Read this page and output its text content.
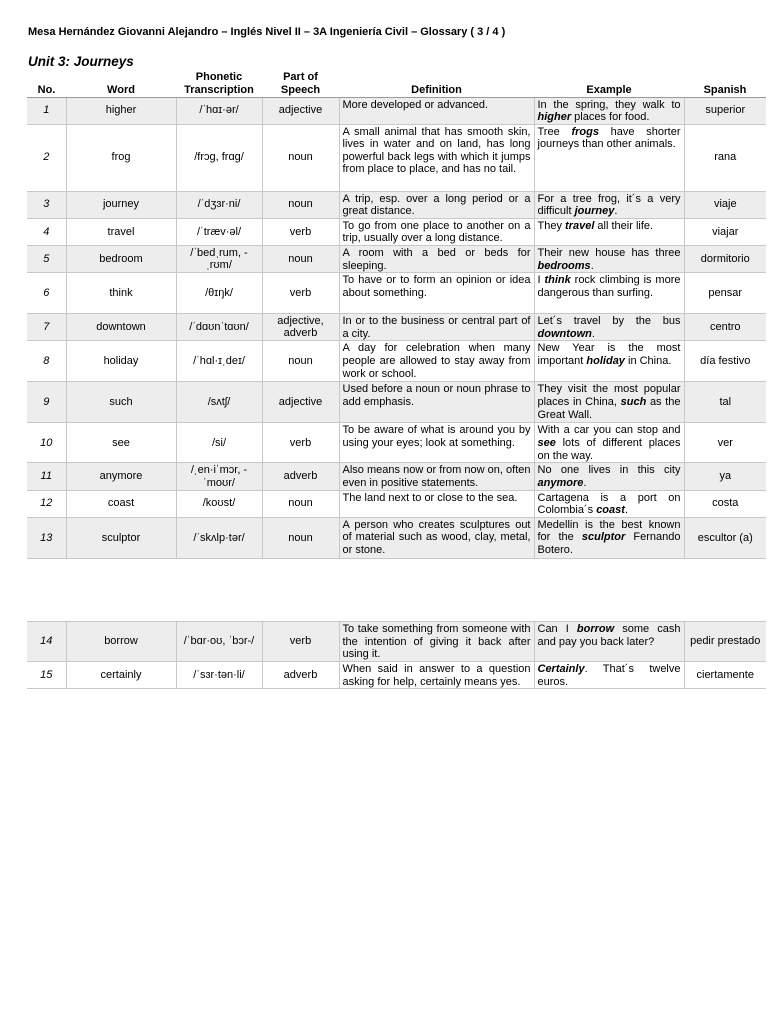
Mesa Hernández Giovanni Alejandro – Inglés Nivel II – 3A Ingeniería Civil – Glossary ( 3 / 4 )
Unit 3: Journeys
No.	Word	Phonetic Transcription	Part of Speech	Definition	Example	Spanish
1	higher	/ˈhɑɪ·ər/	adjective	More developed or advanced.	In the spring, they walk to higher places for food.	superior
2	frog	/frɔg, frɑg/	noun	A small animal that has smooth skin, lives in water and on land, has long powerful back legs with which it jumps from place to place, and has no tail.	Tree frogs have shorter journeys than other animals.	rana
3	journey	/ˈdʒɜr·ni/	noun	A trip, esp. over a long period or a great distance.	For a tree frog, it´s a very difficult journey.	viaje
4	travel	/ˈtræv·əl/	verb	To go from one place to another on a trip, usually over a long distance.	They travel all their life.	viajar
5	bedroom	/ˈbedˌrum, -ˌrʊm/	noun	A room with a bed or beds for sleeping.	Their new house has three bedrooms.	dormitorio
6	think	/θɪŋk/	verb	To have or to form an opinion or idea about something.	I think rock climbing is more dangerous than surfing.	pensar
7	downtown	/ˈdɑʊnˈtɑʊn/	adjective, adverb	In or to the business or central part of a city.	Let´s travel by the bus downtown.	centro
8	holiday	/ˈhɑl·ɪˌdeɪ/	noun	A day for celebration when many people are allowed to stay away from work or school.	New Year is the most important holiday in China.	día festivo
9	such	/sʌtʃ/	adjective	Used before a noun or noun phrase to add emphasis.	They visit the most popular places in China, such as the Great Wall.	tal
10	see	/si/	verb	To be aware of what is around you by using your eyes; look at something.	With a car you can stop and see lots of different places on the way.	ver
11	anymore	/ˌen·iˈmɔr, -ˈmoʊr/	adverb	Also means now or from now on, often even in positive statements.	No one lives in this city anymore.	ya
12	coast	/koʊst/	noun	The land next to or close to the sea.	Cartagena is a port on Colombia´s coast.	costa
13	sculptor	/ˈskʌlp·tər/	noun	A person who creates sculptures out of material such as wood, clay, metal, or stone.	Medellin is the best known for the sculptor Fernando Botero.	escultor (a)
14	borrow	/ˈbɑr·oʊ, ˈbɔr-/	verb	To take something from someone with the intention of giving it back after using it.	Can I borrow some cash and pay you back later?	pedir prestado
15	certainly	/ˈsɜr·tən·li/	adverb	When said in answer to a question asking for help, certainly means yes.	Certainly. That´s twelve euros.	ciertamente
